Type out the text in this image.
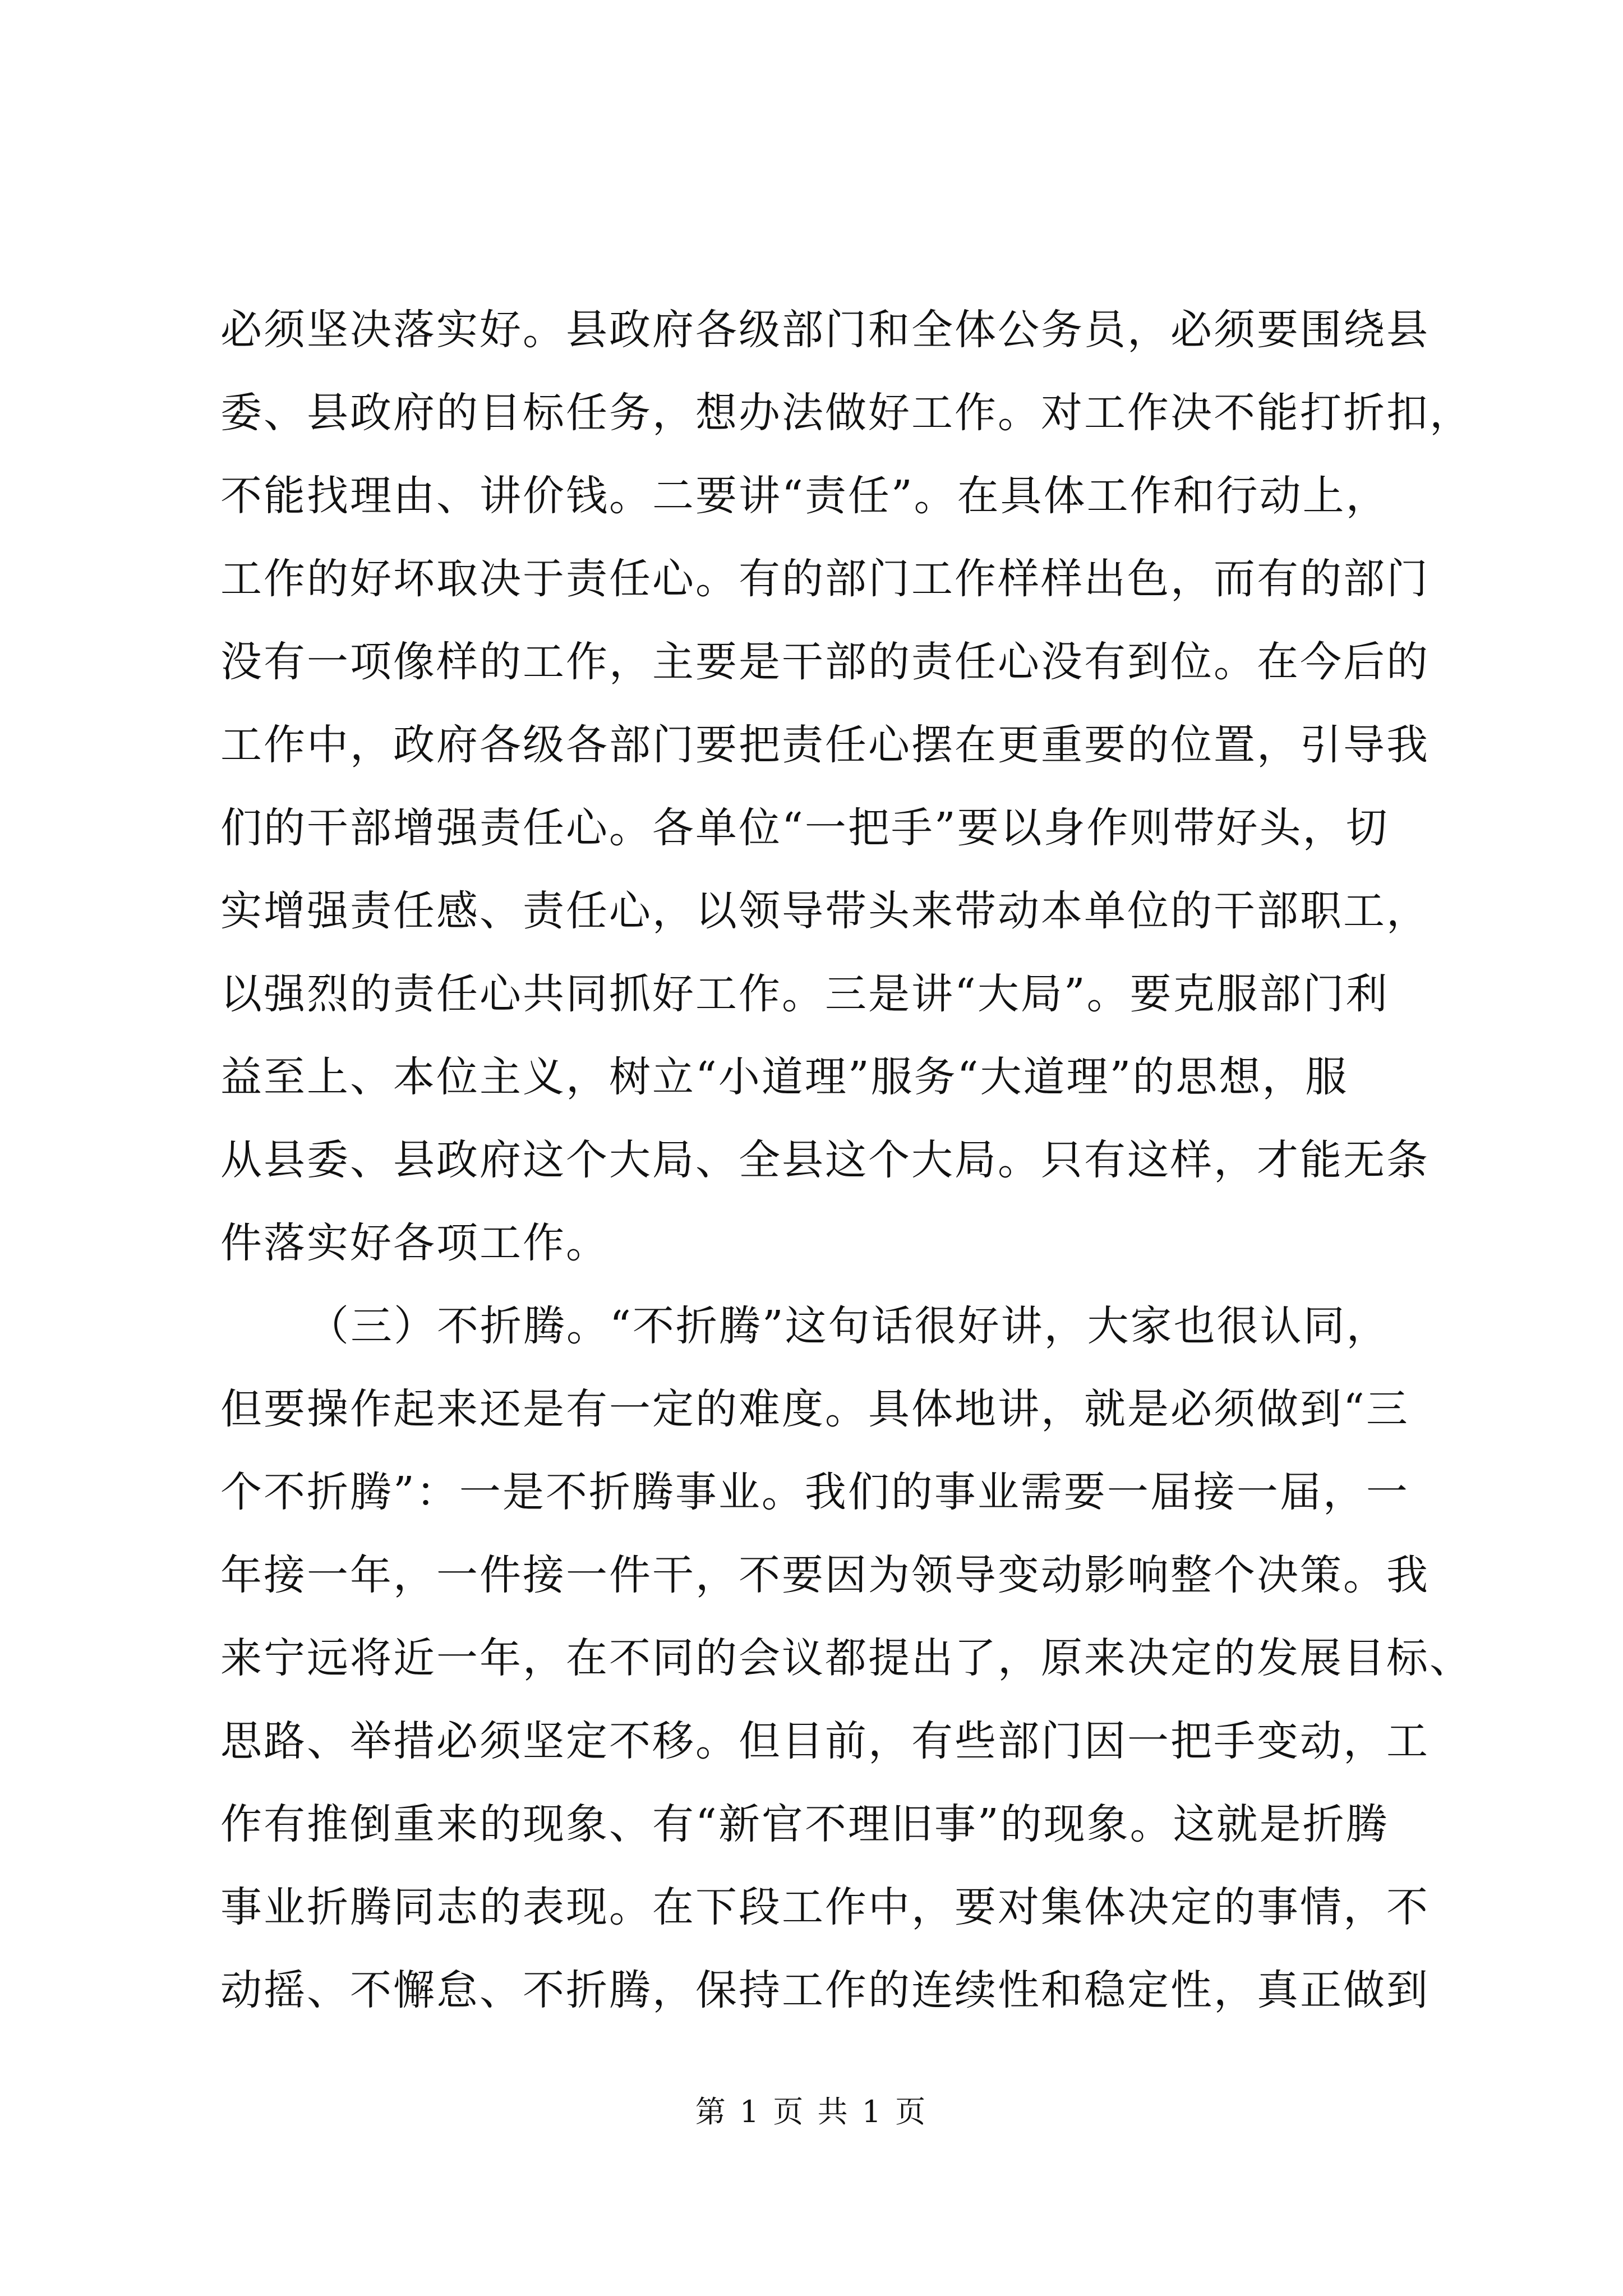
必须坚决落实好。县政府各级部门和全体公务员，必须要围绕县
委、县政府的目标任务，想办法做好工作。对工作决不能打折扣，
不能找理由、讲价钱。二要讲“责任”。在具体工作和行动上，
工作的好坏取决于责任心。有的部门工作样样出色，而有的部门
没有一项像样的工作，主要是干部的责任心没有到位。在今后的
工作中，政府各级各部门要把责任心摆在更重要的位置，引导我
们的干部增强责任心。各单位“一把手”要以身作则带好头，切
实增强责任感、责任心，以领导带头来带动本单位的干部职工，
以强烈的责任心共同抓好工作。三是讲“大局”。要克服部门利
益至上、本位主义，树立“小道理”服务“大道理”的思想，服
从县委、县政府这个大局、全县这个大局。只有这样，才能无条
件落实好各项工作。
（三）不折腾。“不折腾”这句话很好讲，大家也很认同，
但要操作起来还是有一定的难度。具体地讲，就是必须做到“三
个不折腾”：一是不折腾事业。我们的事业需要一届接一届，一
年接一年，一件接一件干，不要因为领导变动影响整个决策。我
来宁远将近一年，在不同的会议都提出了，原来决定的发展目标、
思路、举措必须坚定不移。但目前，有些部门因一把手变动，工
作有推倒重来的现象、有“新官不理旧事”的现象。这就是折腾
事业折腾同志的表现。在下段工作中，要对集体决定的事情，不
动摇、不懈怠、不折腾，保持工作的连续性和稳定性，真正做到
第 1 页 共 1 页
